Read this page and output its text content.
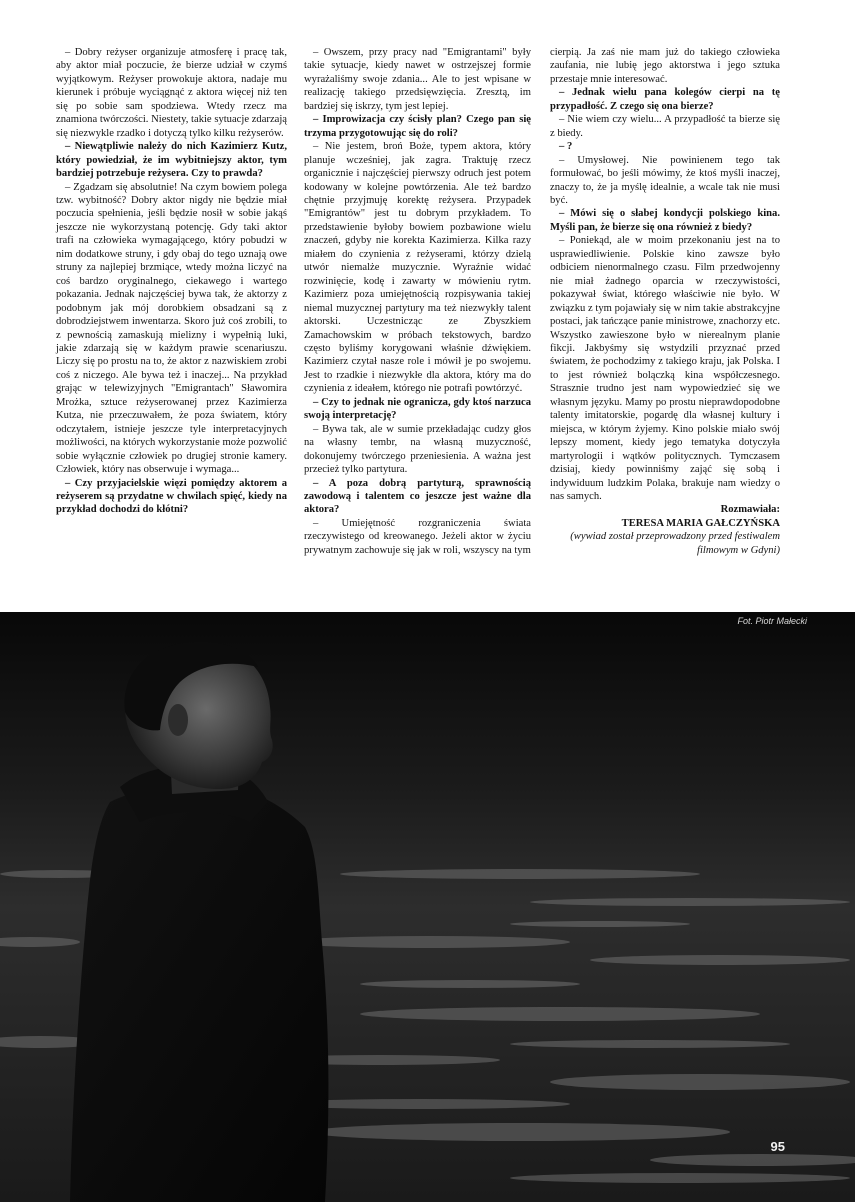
– Dobry reżyser organizuje atmosferę i pracę tak, aby aktor miał poczucie, że bierze udział w czymś wyjątkowym. Reżyser prowokuje aktora, nadaje mu kierunek i próbuje wyciągnąć z aktora więcej niż ten się po sobie sam spodziewa. Wtedy rzecz ma znamiona twórczości. Niestety, takie sytuacje zdarzają się niezwykle rzadko i dotyczą tylko kilku reżyserów.

– Niewątpliwie należy do nich Kazimierz Kutz, który powiedział, że im wybitniejszy aktor, tym bardziej potrzebuje reżysera. Czy to prawda?

– Zgadzam się absolutnie! Na czym bowiem polega tzw. wybitność? Dobry aktor nigdy nie będzie miał poczucia spełnienia, jeśli będzie nosił w sobie jakąś jeszcze nie wykorzystaną potencję. Gdy taki aktor trafi na człowieka wymagającego, który pobudzi w nim dodatkowe struny, i gdy obaj do tego uznają owe struny za najlepiej brzmiące, wtedy można liczyć na coś bardzo oryginalnego, ciekawego i wartego pokazania. Jednak najczęściej bywa tak, że aktorzy z podobnym jak mój dorobkiem obsadzani są z dobrodziejstwem inwentarza. Skoro już coś zrobili, to z pewnością zamaskują mielizny i wypełnią luki, jakie zdarzają się w każdym prawie scenariuszu. Liczy się po prostu na to, że aktor z nazwiskiem zrobi coś z niczego. Ale bywa też i inaczej... Na przykład grając w telewizyjnych "Emigrantach" Sławomira Mrożka, sztuce reżyserowanej przez Kazimierza Kutza, nie przeczuwałem, że poza światem, który odczytałem, istnieje jeszcze tyle interpretacyjnych możliwości, na których wykorzystanie może pozwolić sobie wyłącznie człowiek po drugiej stronie kamery. Człowiek, który nas obserwuje i wymaga...

– Czy przyjacielskie więzi pomiędzy aktorem a reżyserem są przydatne w chwilach spięć, kiedy na przykład dochodzi do kłótni?

– Owszem, przy pracy nad "Emigrantami" były takie sytuacje, kiedy nawet w ostrzejszej formie wyrażaliśmy swoje zdania... Ale to jest wpisane w realizację takiego przedsięwzięcia. Zresztą, im bardziej się iskrzy, tym jest lepiej.

– Improwizacja czy ścisły plan? Czego pan się trzyma przygotowując się do roli?

– Nie jestem, broń Boże, typem aktora, który planuje wcześniej, jak zagra. Traktuję rzecz organicznie i najczęściej pierwszy odruch jest potem kodowany w kolejne powtórzenia. Ale też bardzo chętnie przyjmuję korektę reżysera. Przypadek "Emigrantów" jest tu dobrym przykładem. To przedstawienie byłoby bowiem pozbawione wielu znaczeń, gdyby nie korekta Kazimierza. Kilka razy miałem do czynienia z reżyserami, którzy dzielą utwór niemalże muzycznie. Wyraźnie widać rozwinięcie, kodę i zawarty w mówieniu rytm. Kazimierz poza umiejętnością rozpisywania takiej niemal muzycznej partytury ma też niezwykły talent aktorski. Uczestnicząc ze Zbyszkiem Zamachowskim w próbach tekstowych, bardzo często byliśmy korygowani właśnie dźwiękiem. Kazimierz czytał nasze role i mówił je po swojemu. Jest to rzadkie i niezwykłe dla aktora, który ma do czynienia z ideałem, którego nie potrafi powtórzyć.

– Czy to jednak nie ogranicza, gdy ktoś narzuca swoją interpretację?

– Bywa tak, ale w sumie przekładając cudzy głos na własny tembr, na własną muzyczność, dokonujemy twórczego przeniesienia. A ważna jest przecież tylko partytura.

– A poza dobrą partyturą, sprawnością zawodową i talentem co jeszcze jest ważne dla aktora?

– Umiejętność rozgraniczenia świata rzeczywistego od kreowanego. Jeżeli aktor w życiu prywatnym zachowuje się jak w roli, wszyscy na tym

cierpią. Ja zaś nie mam już do takiego człowieka zaufania, nie lubię jego aktorstwa i jego sztuka przestaje mnie interesować.

– Jednak wielu pana kolegów cierpi na tę przypadłość. Z czego się ona bierze?

– Nie wiem czy wielu... A przypadłość ta bierze się z biedy.

– ?

– Umysłowej. Nie powinienem tego tak formułować, bo jeśli mówimy, że ktoś myśli inaczej, znaczy to, że ja myślę idealnie, a wcale tak nie musi być.

– Mówi się o słabej kondycji polskiego kina. Myśli pan, że bierze się ona również z biedy?

– Poniekąd, ale w moim przekonaniu jest na to usprawiedliwienie. Polskie kino zawsze było odbiciem nienormalnego czasu. Film przedwojenny nie miał żadnego oparcia w rzeczywistości, pokazywał świat, którego właściwie nie było. W związku z tym pojawiały się w nim takie abstrakcyjne postaci, jak tańczące panie ministrowe, znachorzy etc. Wszystko zawieszone było w nierealnym planie fikcji. Jakbyśmy się wstydzili przyznać przed światem, że pochodzimy z takiego kraju, jak Polska. I to jest również bolączką kina współczesnego. Strasznie trudno jest nam wypowiedzieć się we własnym języku. Mamy po prostu nieprawdopodobne talenty imitatorskie, pogardę dla własnej kultury i miejsca, w którym żyjemy. Kino polskie miało swój lepszy moment, kiedy jego tematyka dotyczyła martyrologii i wątków politycznych. Tymczasem dzisiaj, kiedy powinniśmy zająć się sobą i indywiduum ludzkim Polaka, brakuje nam wiedzy o nas samych.

Rozmawiała:

TERESA MARIA GAŁCZYŃSKA

(wywiad został przeprowadzony przed festiwalem filmowym w Gdyni)

Fot. Piotr Małecki
95
